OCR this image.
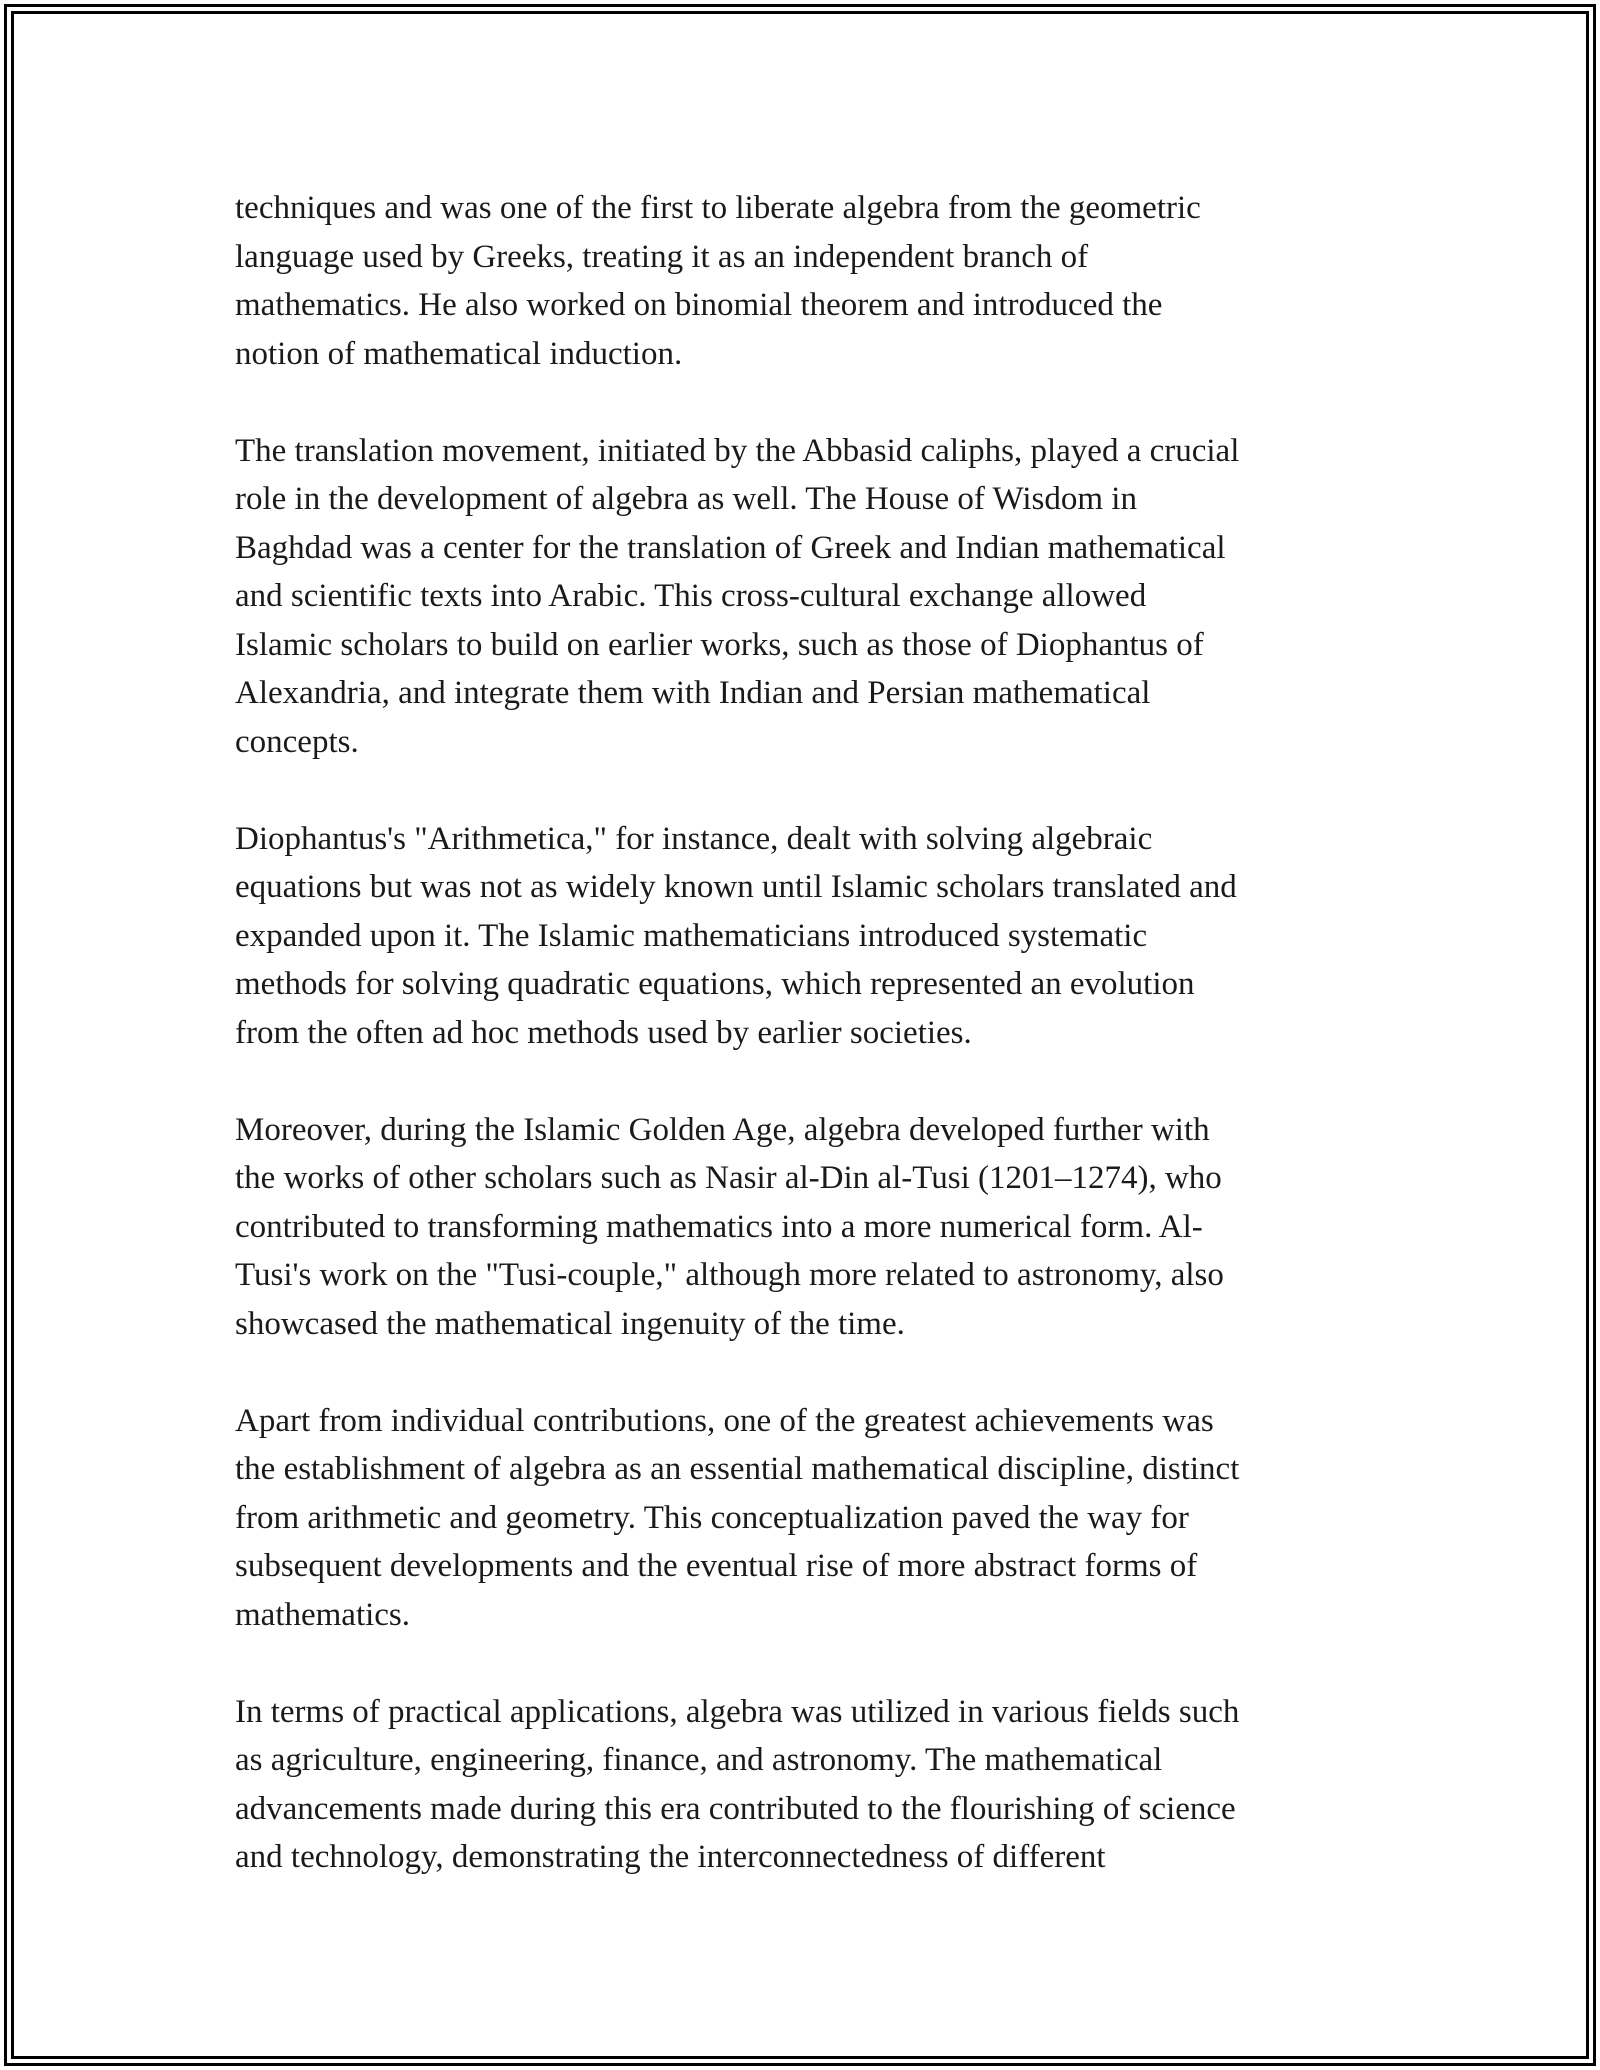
techniques and was one of the first to liberate algebra from the geometric
language used by Greeks, treating it as an independent branch of
mathematics. He also worked on binomial theorem and introduced the
notion of mathematical induction.

The translation movement, initiated by the Abbasid caliphs, played a crucial
role in the development of algebra as well. The House of Wisdom in
Baghdad was a center for the translation of Greek and Indian mathematical
and scientific texts into Arabic. This cross-cultural exchange allowed
Islamic scholars to build on earlier works, such as those of Diophantus of
Alexandria, and integrate them with Indian and Persian mathematical
concepts.

Diophantus's "Arithmetica," for instance, dealt with solving algebraic
equations but was not as widely known until Islamic scholars translated and
expanded upon it. The Islamic mathematicians introduced systematic
methods for solving quadratic equations, which represented an evolution
from the often ad hoc methods used by earlier societies.

Moreover, during the Islamic Golden Age, algebra developed further with
the works of other scholars such as Nasir al-Din al-Tusi (1201–1274), who
contributed to transforming mathematics into a more numerical form. Al-
Tusi's work on the "Tusi-couple," although more related to astronomy, also
showcased the mathematical ingenuity of the time.

Apart from individual contributions, one of the greatest achievements was
the establishment of algebra as an essential mathematical discipline, distinct
from arithmetic and geometry. This conceptualization paved the way for
subsequent developments and the eventual rise of more abstract forms of
mathematics.

In terms of practical applications, algebra was utilized in various fields such
as agriculture, engineering, finance, and astronomy. The mathematical
advancements made during this era contributed to the flourishing of science
and technology, demonstrating the interconnectedness of different
